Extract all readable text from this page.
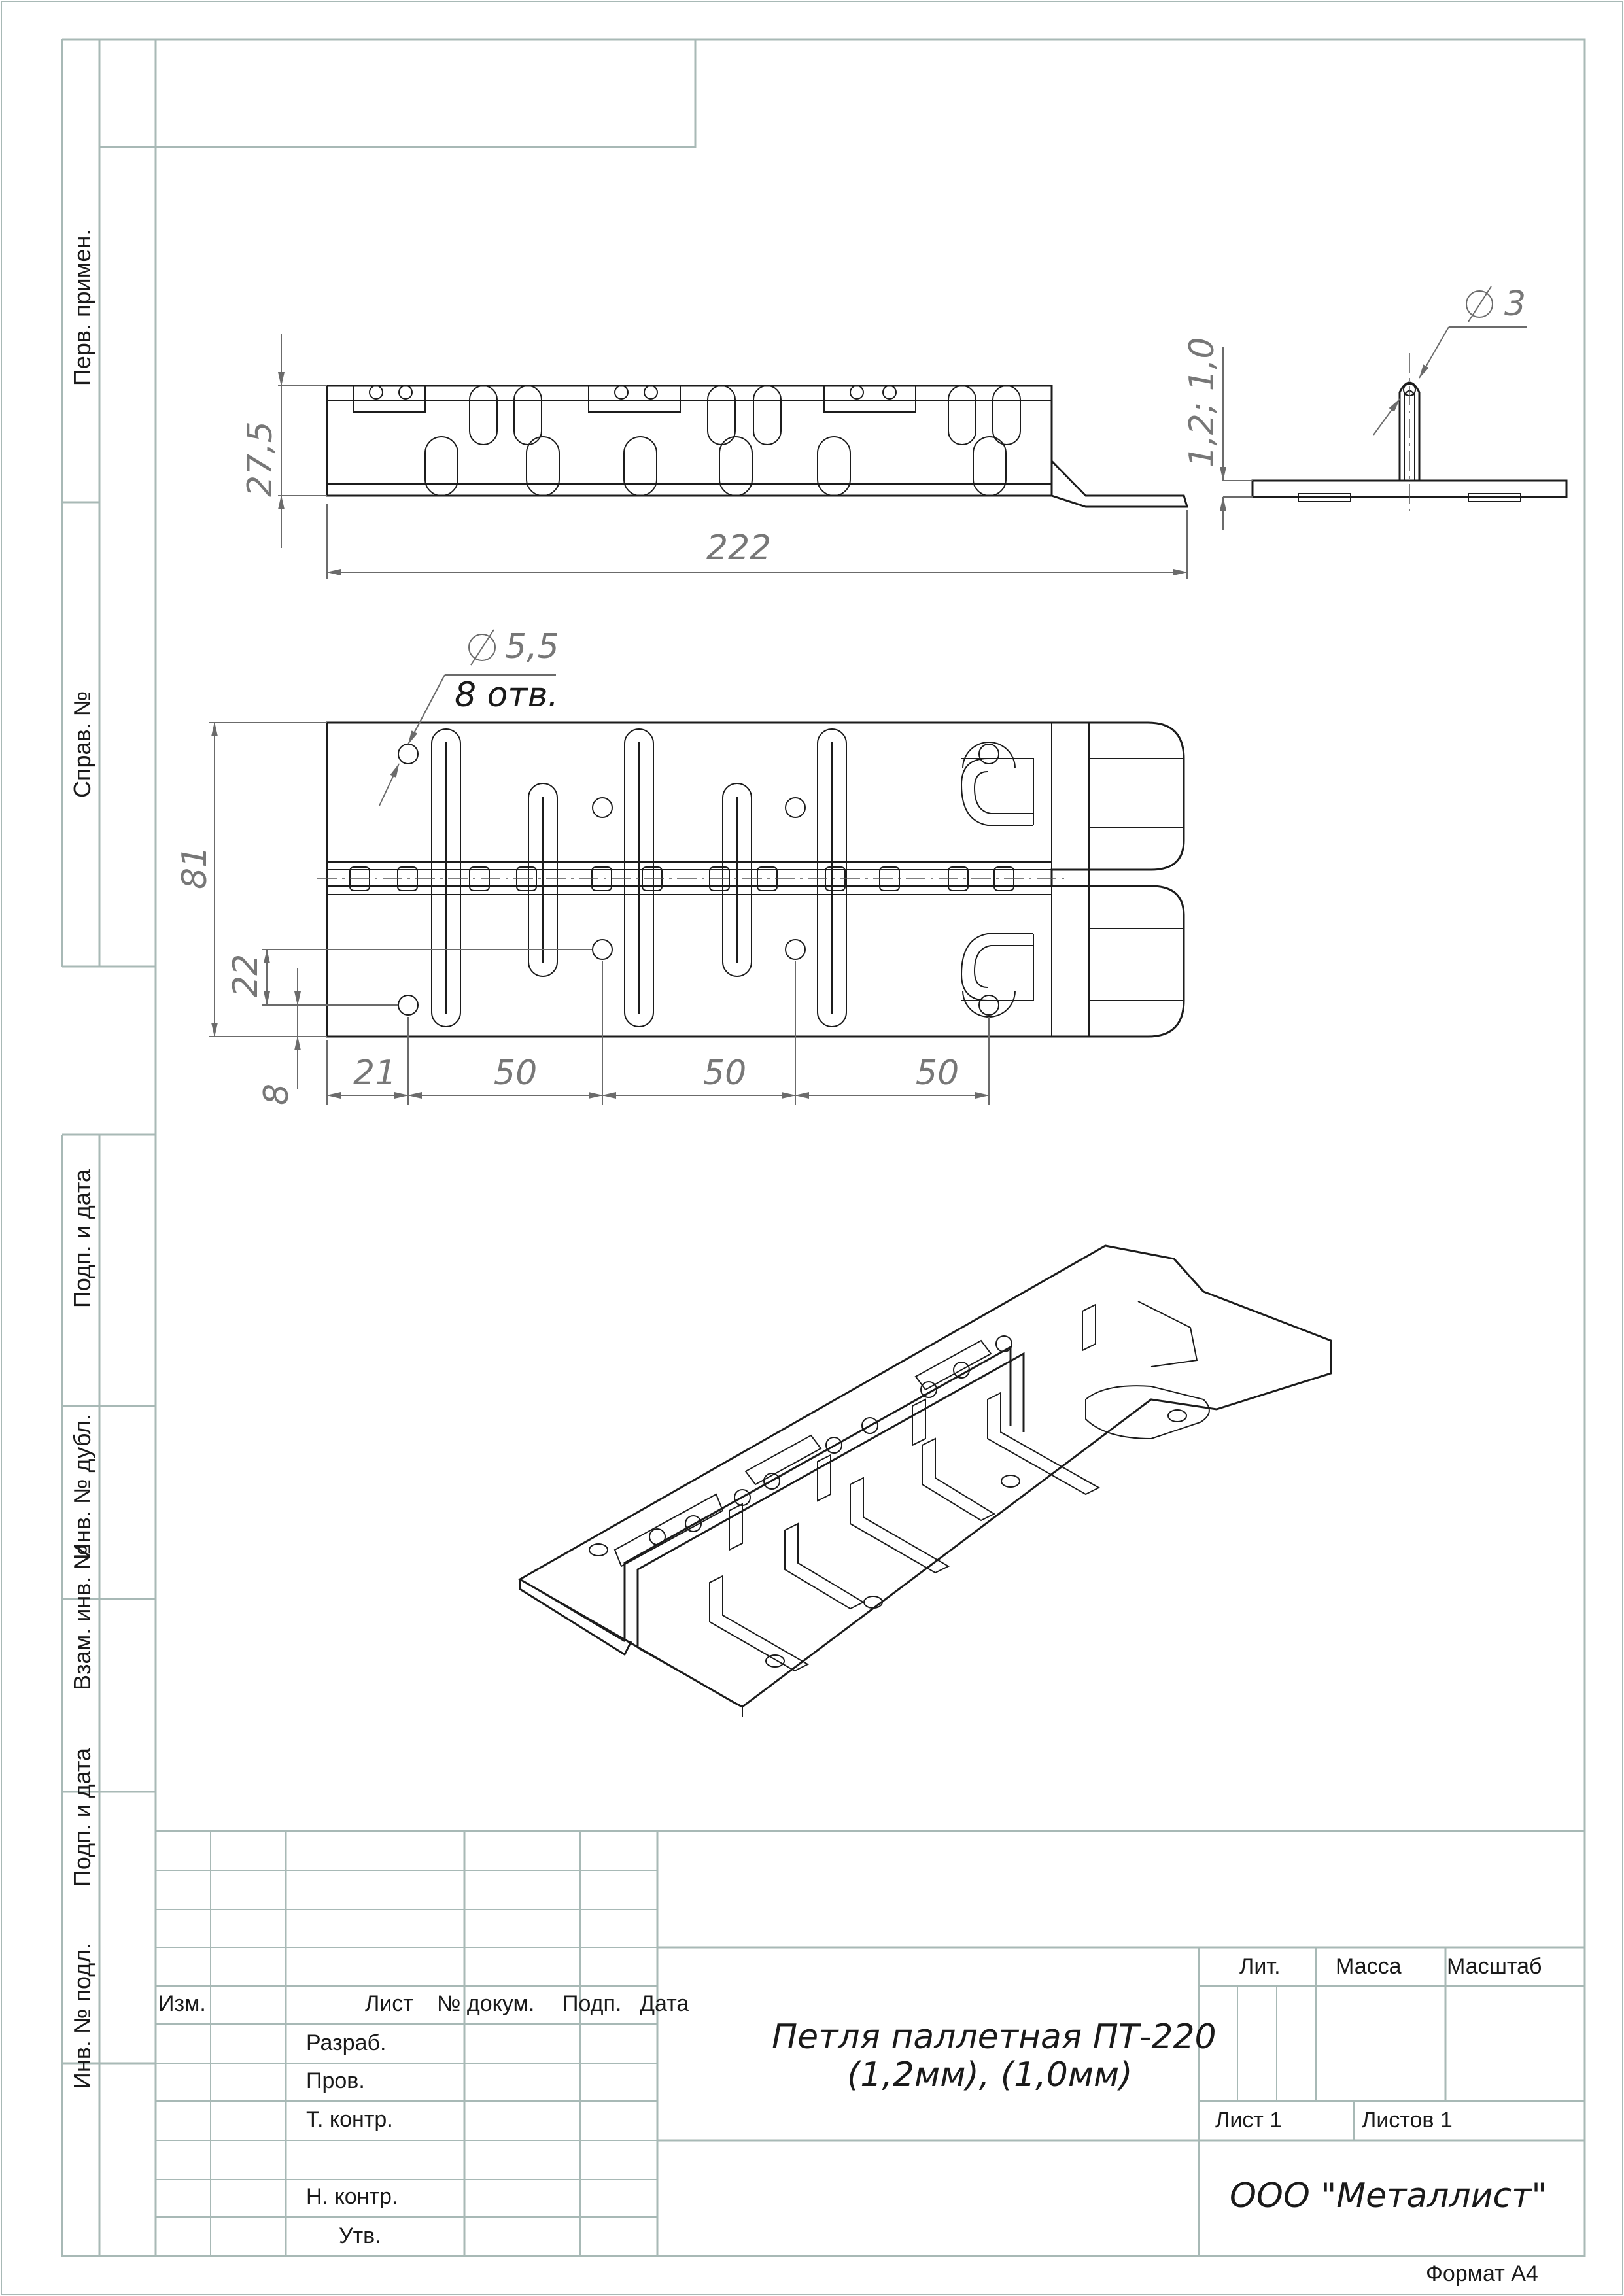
Перв. примен.
Справ. №
Подп. и дата
Инв. № дубл.
Взам. инв. №
Подп. и дата
Инв. № подл.
27,5
222
1,2; 1,0
3
81
22
8
21	50	50	50
5,5
8 отв.
Изм.	Лист № докум. Подп. Дата
Разраб.
Пров.
Т. контр.
Н. контр.
Утв.
Лит. Масса Масштаб
Лист 1	Листов 1
Петля паллетная ПТ-220
(1,2мм), (1,0мм)
ООО "Металлист"
Формат А4
